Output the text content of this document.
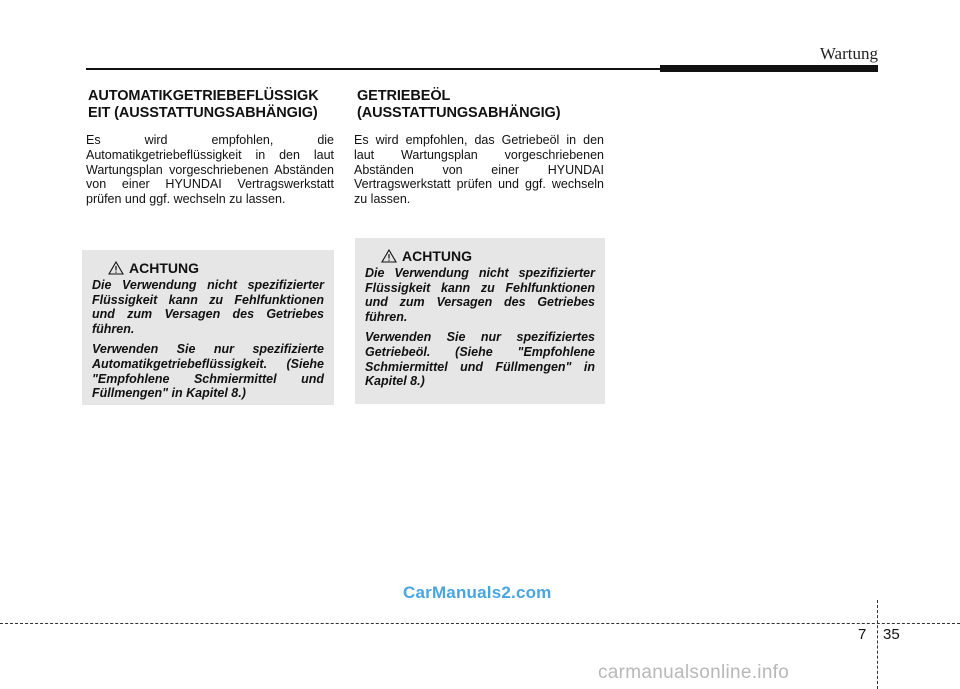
Wartung
AUTOMATIKGETRIEBEFLÜSSIGK
EIT (AUSSTATTUNGSABHÄNGIG)
Es wird empfohlen, die Automatikgetriebeflüssigkeit in den laut Wartungsplan vorgeschriebenen Abständen von einer HYUNDAI Vertragswerkstatt prüfen und ggf. wechseln zu lassen.
ACHTUNG

Die Verwendung nicht spezifizierter Flüssigkeit kann zu Fehlfunktionen und zum Versagen des Getriebes führen.

Verwenden Sie nur spezifizierte Automatikgetriebeflüssigkeit. (Siehe "Empfohlene Schmiermittel und Füllmengen" in Kapitel 8.)

GETRIEBEÖL
(AUSSTATTUNGSABHÄNGIG)
Es wird empfohlen, das Getriebeöl in den laut Wartungsplan vorgeschriebenen Abständen von einer HYUNDAI Vertragswerkstatt prüfen und ggf. wechseln zu lassen.
ACHTUNG

Die Verwendung nicht spezifizierter Flüssigkeit kann zu Fehlfunktionen und zum Versagen des Getriebes führen.

Verwenden Sie nur spezifiziertes Getriebeöl. (Siehe "Empfohlene Schmiermittel und Füllmengen" in Kapitel 8.)

CarManuals2.com
7 35
carmanualsonline.info
